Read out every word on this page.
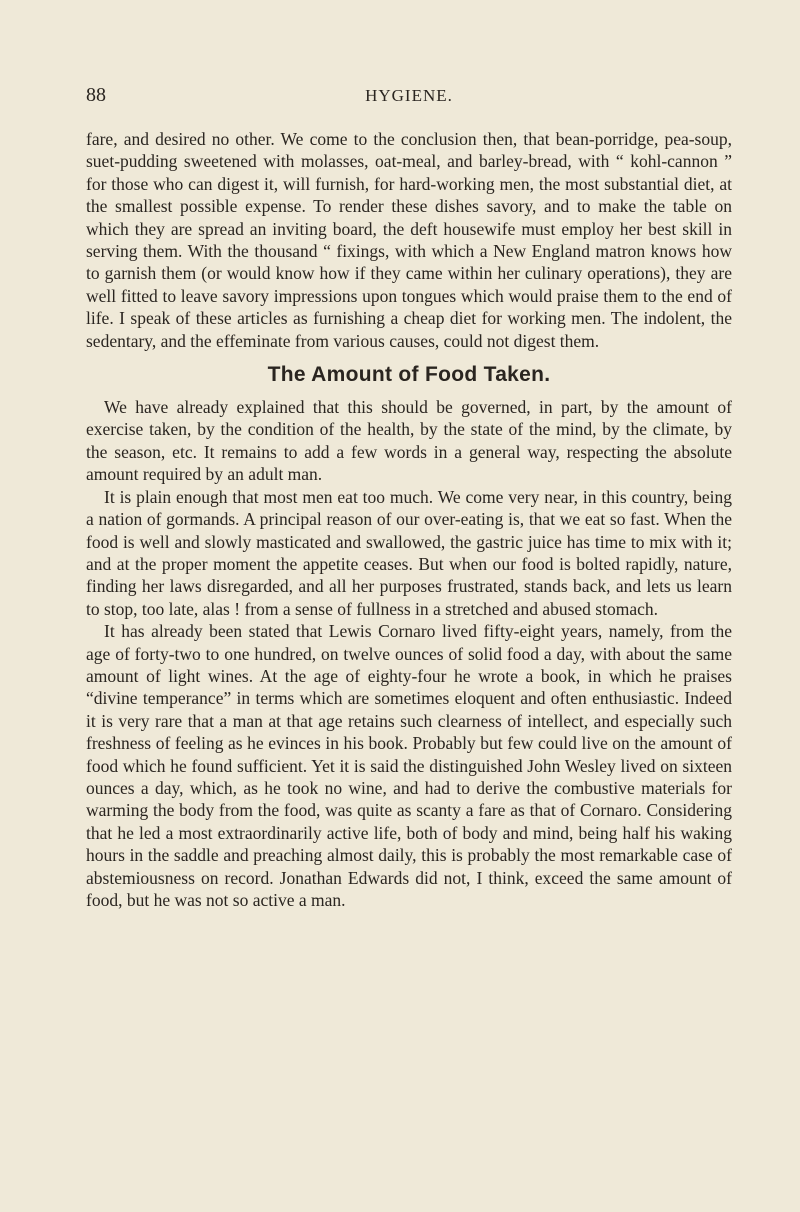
88	HYGIENE.

fare, and desired no other. We come to the conclusion then, that bean-porridge, pea-soup, suet-pudding sweetened with molasses, oat-meal, and barley-bread, with “ kohl-cannon ” for those who can digest it, will furnish, for hard-working men, the most substantial diet, at the smallest possible expense. To render these dishes savory, and to make the table on which they are spread an inviting board, the deft housewife must employ her best skill in serving them. With the thousand “ fixings, with which a New England matron knows how to garnish them (or would know how if they came within her culinary operations), they are well fitted to leave savory impressions upon tongues which would praise them to the end of life. I speak of these articles as furnishing a cheap diet for working men. The indolent, the sedentary, and the effeminate from various causes, could not digest them.

The Amount of Food Taken.

We have already explained that this should be governed, in part, by the amount of exercise taken, by the condition of the health, by the state of the mind, by the climate, by the season, etc. It remains to add a few words in a general way, respecting the absolute amount required by an adult man.

It is plain enough that most men eat too much. We come very near, in this country, being a nation of gormands. A principal reason of our over-eating is, that we eat so fast. When the food is well and slowly masticated and swallowed, the gastric juice has time to mix with it; and at the proper moment the appetite ceases. But when our food is bolted rapidly, nature, finding her laws disregarded, and all her purposes frustrated, stands back, and lets us learn to stop, too late, alas ! from a sense of fullness in a stretched and abused stomach.

It has already been stated that Lewis Cornaro lived fifty-eight years, namely, from the age of forty-two to one hundred, on twelve ounces of solid food a day, with about the same amount of light wines. At the age of eighty-four he wrote a book, in which he praises “divine temperance” in terms which are sometimes eloquent and often enthusiastic. Indeed it is very rare that a man at that age retains such clearness of intellect, and especially such freshness of feeling as he evinces in his book. Probably but few could live on the amount of food which he found sufficient. Yet it is said the distinguished John Wesley lived on sixteen ounces a day, which, as he took no wine, and had to derive the combustive materials for warming the body from the food, was quite as scanty a fare as that of Cornaro. Considering that he led a most extraordinarily active life, both of body and mind, being half his waking hours in the saddle and preaching almost daily, this is probably the most remarkable case of abstemiousness on record. Jonathan Edwards did not, I think, exceed the same amount of food, but he was not so active a man.
